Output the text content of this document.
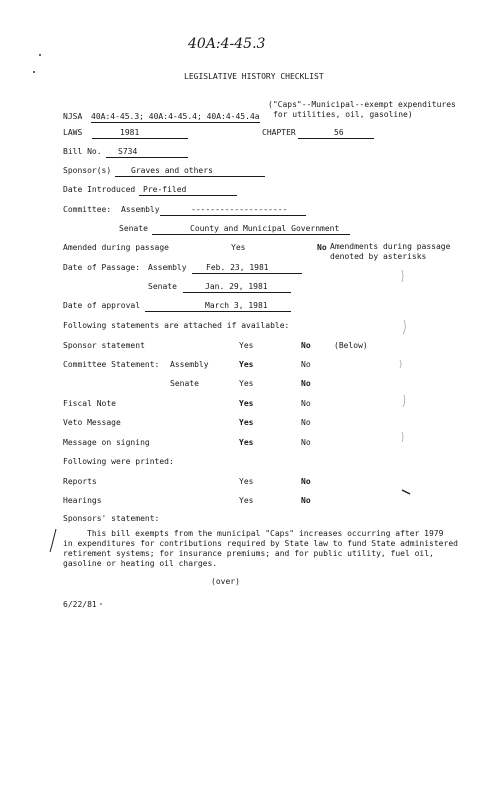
40A:4-45.3
LEGISLATIVE HISTORY CHECKLIST
NJSA 40A:4-45.3; 40A:4-45.4; 40A:4-45.4a
("Caps"--Municipal--exempt expenditures
for utilities, oil, gasoline)
LAWS	1981	CHAPTER	56
Bill No.	S734
Sponsor(s)	Graves and others
Date Introduced Pre-filed
Committee: Assembly	--------------------
Senate	County and Municipal Government
Amended during passage	Yes	No Amendments during passage
denoted by asterisks
Date of Passage: Assembly	Feb. 23, 1981
Senate	Jan. 29, 1981
Date of approval	March 3, 1981
Following statements are attached if available:
Sponsor statement	Yes	No	(Below)
Committee Statement: Assembly	Yes	No
Senate	Yes	No
Fiscal Note	Yes	No
Veto Message	Yes	No
Message on signing	Yes	No
Following were printed:
Reports	Yes	No
Hearings	Yes	No
Sponsors' statement:
This bill exempts from the municipal "Caps" increases occurring after 1979
in expenditures for contributions required by State law to fund State administered
retirement systems; for insurance premiums; and for public utility, fuel oil,
gasoline or heating oil charges.
(over)
6/22/81
